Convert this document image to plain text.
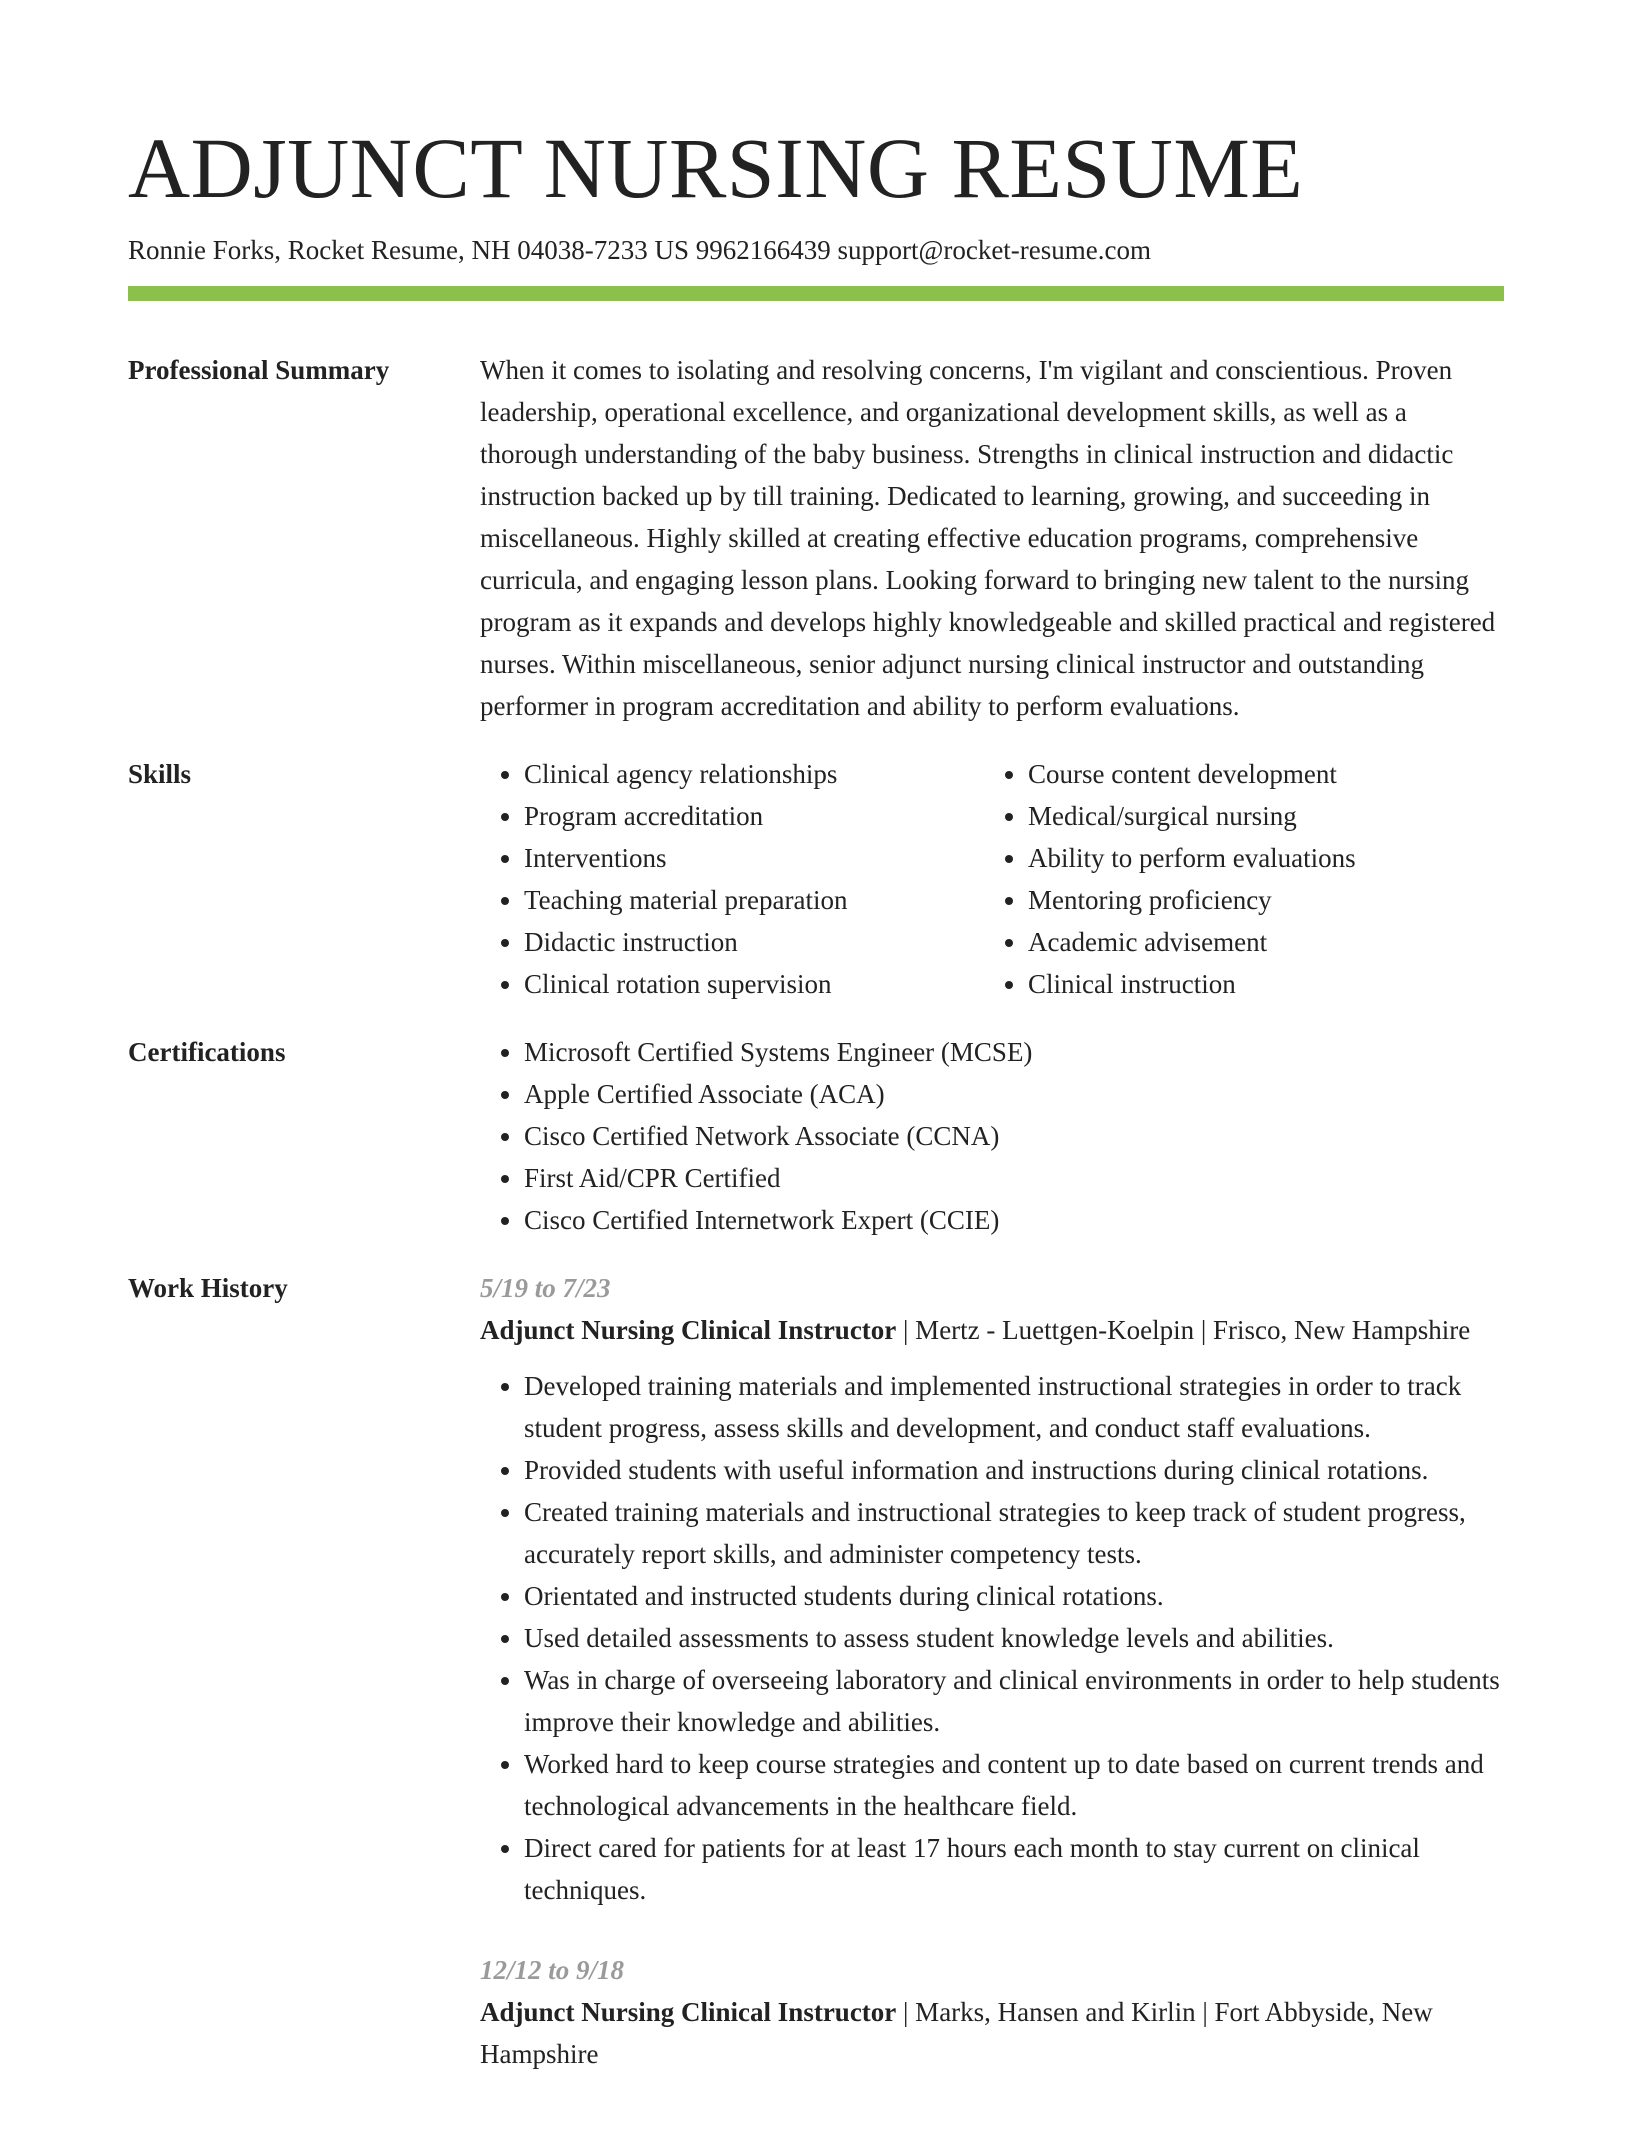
ADJUNCT NURSING RESUME
Ronnie Forks, Rocket Resume, NH 04038-7233 US 9962166439 support@rocket-resume.com
Professional Summary	When it comes to isolating and resolving concerns, I'm vigilant and conscientious. Proven leadership, operational excellence, and organizational development skills, as well as a thorough understanding of the baby business. Strengths in clinical instruction and didactic instruction backed up by till training. Dedicated to learning, growing, and succeeding in miscellaneous. Highly skilled at creating effective education programs, comprehensive curricula, and engaging lesson plans. Looking forward to bringing new talent to the nursing program as it expands and develops highly knowledgeable and skilled practical and registered nurses. Within miscellaneous, senior adjunct nursing clinical instructor and outstanding performer in program accreditation and ability to perform evaluations.

Skills	• Clinical agency relationships
• Program accreditation
• Interventions
• Teaching material preparation
• Didactic instruction
• Clinical rotation supervision
• Course content development
• Medical/surgical nursing
• Ability to perform evaluations
• Mentoring proficiency
• Academic advisement
• Clinical instruction
Certifications	• Microsoft Certified Systems Engineer (MCSE)
• Apple Certified Associate (ACA)
• Cisco Certified Network Associate (CCNA)
• First Aid/CPR Certified
• Cisco Certified Internetwork Expert (CCIE)
Work History	5/19 to 7/23
Adjunct Nursing Clinical Instructor | Mertz - Luettgen-Koelpin | Frisco, New Hampshire
• Developed training materials and implemented instructional strategies in order to track student progress, assess skills and development, and conduct staff evaluations.
• Provided students with useful information and instructions during clinical rotations.
• Created training materials and instructional strategies to keep track of student progress, accurately report skills, and administer competency tests.
• Orientated and instructed students during clinical rotations.
• Used detailed assessments to assess student knowledge levels and abilities.
• Was in charge of overseeing laboratory and clinical environments in order to help students improve their knowledge and abilities.
• Worked hard to keep course strategies and content up to date based on current trends and technological advancements in the healthcare field.
• Direct cared for patients for at least 17 hours each month to stay current on clinical techniques.
12/12 to 9/18
Adjunct Nursing Clinical Instructor | Marks, Hansen and Kirlin | Fort Abbyside, New Hampshire
